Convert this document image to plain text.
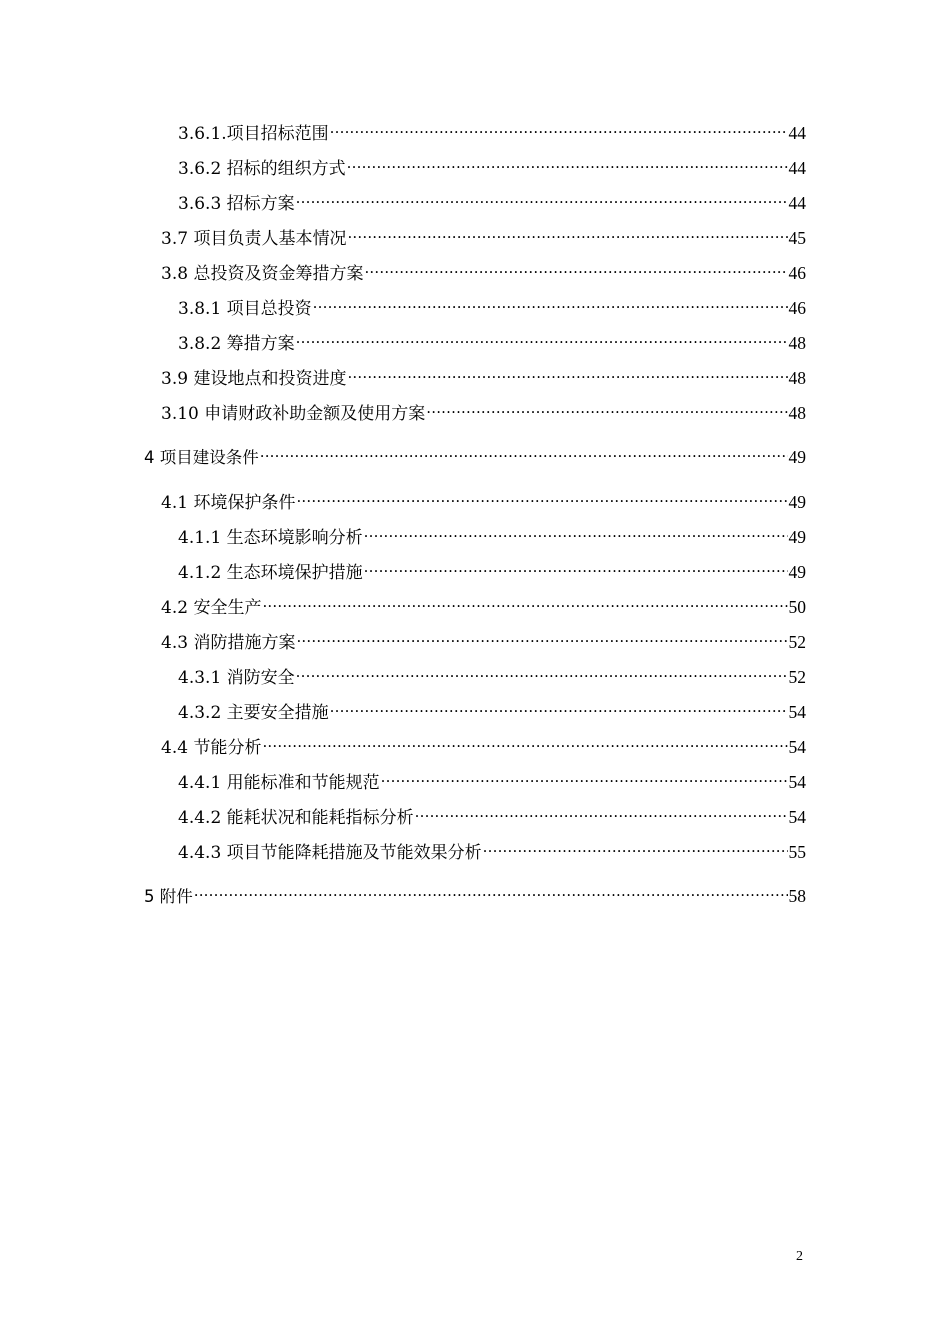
3.6.1.项目招标范围 .....	44
3.6.2 招标的组织方式 .....	44
3.6.3 招标方案 .....	44
3.7 项目负责人基本情况 .....	45
3.8 总投资及资金筹措方案 .....	46
3.8.1 项目总投资 .....	46
3.8.2 筹措方案 .....	48
3.9 建设地点和投资进度 .....	48
3.10 申请财政补助金额及使用方案 .....	48
4 项目建设条件 .....	49
4.1 环境保护条件 .....	49
4.1.1 生态环境影响分析 .....	49
4.1.2 生态环境保护措施 .....	49
4.2 安全生产 .....	50
4.3 消防措施方案 .....	52
4.3.1 消防安全 .....	52
4.3.2 主要安全措施 .....	54
4.4 节能分析 .....	54
4.4.1 用能标准和节能规范 .....	54
4.4.2 能耗状况和能耗指标分析 .....	54
4.4.3 项目节能降耗措施及节能效果分析 .....	55
5 附件 .....	58
2
